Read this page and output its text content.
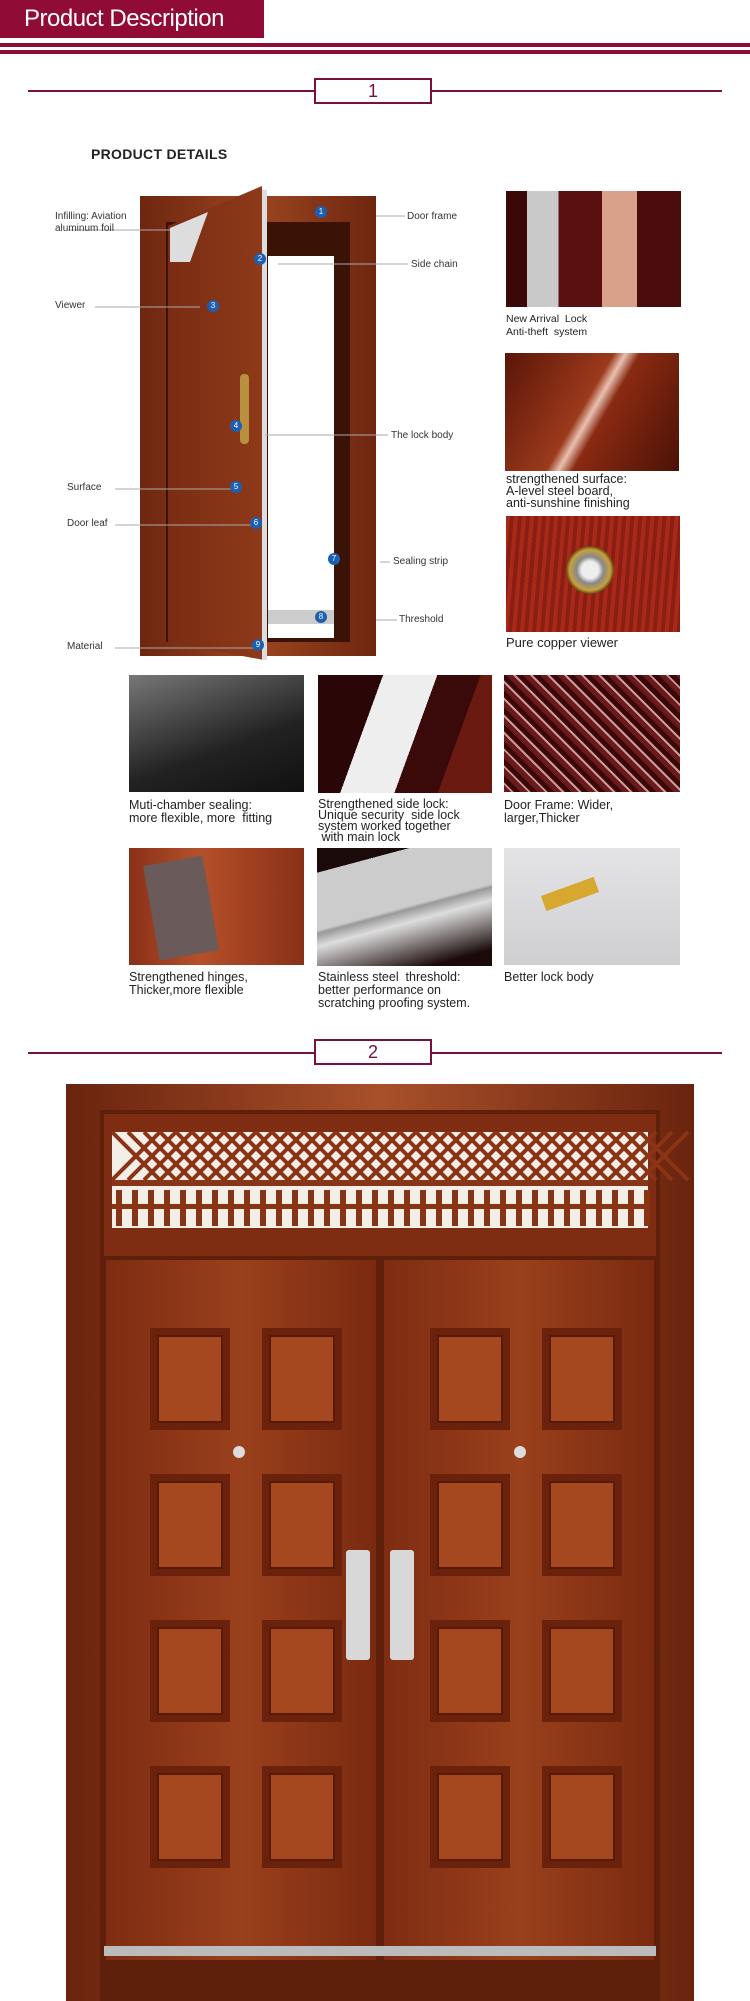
Product Description
1
PRODUCT DETAILS
1
2
3
4
5
6
7
8
9
Infilling: Aviation aluminum foil
Viewer
Surface
Door leaf
Material
Door frame
Side chain
The lock body
Sealing strip
Threshold
New Arrival  Lock
Anti-theft  system
strengthened surface:
A-level steel board,
anti-sunshine finishing
Pure copper viewer
Muti-chamber sealing:
more flexible, more  fitting
Strengthened side lock:
Unique security  side lock
system worked together
with main lock
Door Frame: Wider,
larger,Thicker
Strengthened hinges,
Thicker,more flexible
Stainless steel  threshold:
better performance on
scratching proofing system.
Better lock body
2
